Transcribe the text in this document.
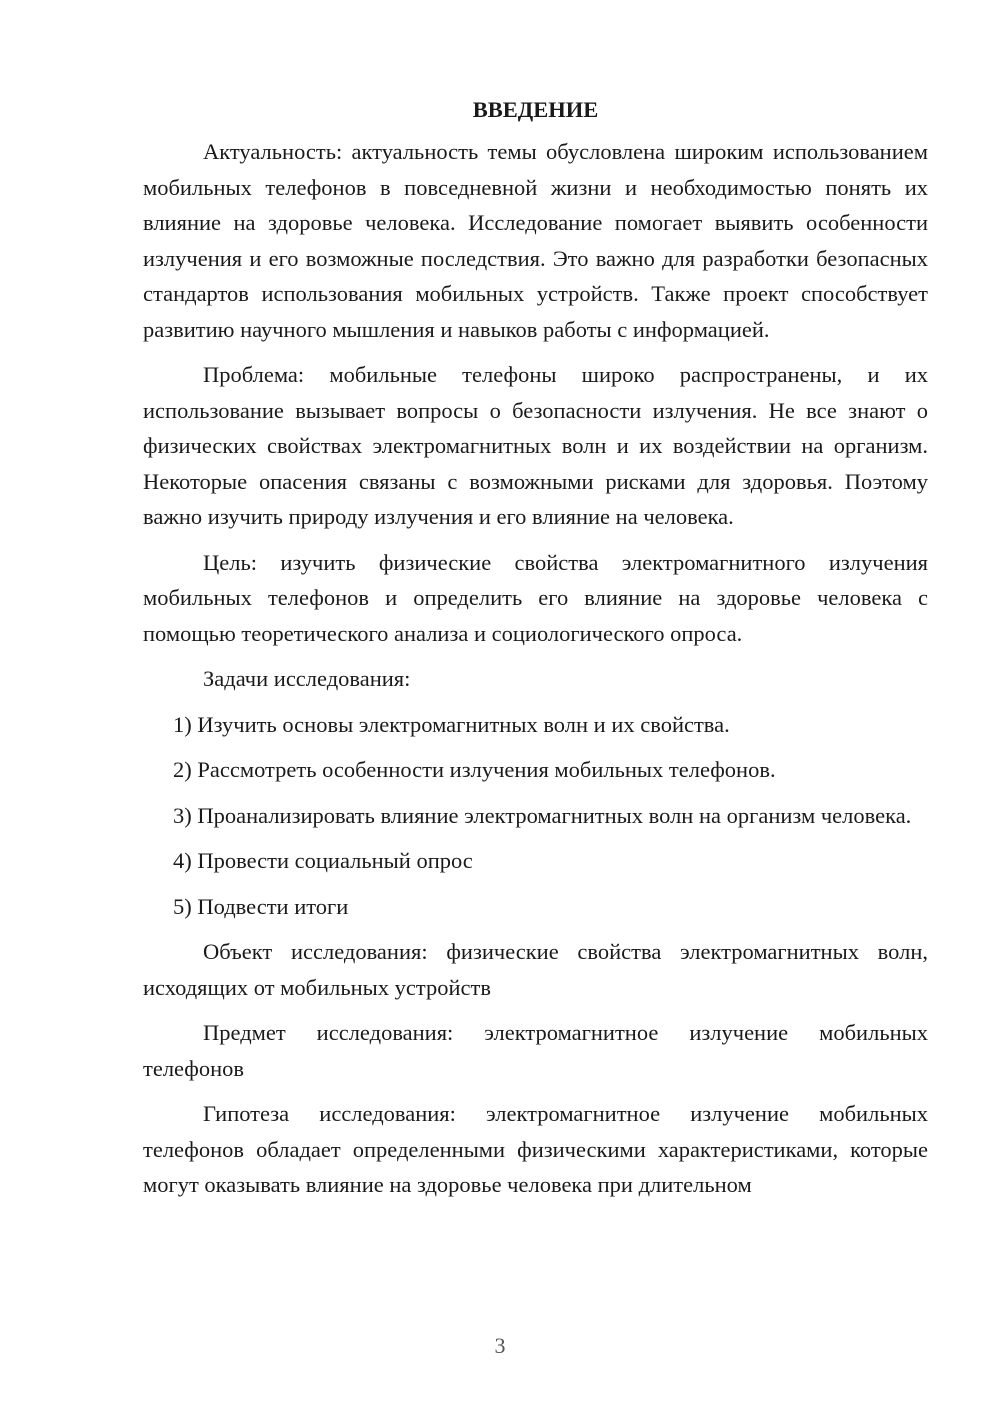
ВВЕДЕНИЕ

Актуальность: актуальность темы обусловлена широким использованием мобильных телефонов в повседневной жизни и необходимостью понять их влияние на здоровье человека. Исследование помогает выявить особенности излучения и его возможные последствия. Это важно для разработки безопасных стандартов использования мобильных устройств. Также проект способствует развитию научного мышления и навыков работы с информацией.

Проблема: мобильные телефоны широко распространены, и их использование вызывает вопросы о безопасности излучения. Не все знают о физических свойствах электромагнитных волн и их воздействии на организм. Некоторые опасения связаны с возможными рисками для здоровья. Поэтому важно изучить природу излучения и его влияние на человека.

Цель: изучить физические свойства электромагнитного излучения мобильных телефонов и определить его влияние на здоровье человека с помощью теоретического анализа и социологического опроса.

Задачи исследования:

1) Изучить основы электромагнитных волн и их свойства.

2) Рассмотреть особенности излучения мобильных телефонов.

3) Проанализировать влияние электромагнитных волн на организм человека.

4) Провести социальный опрос

5) Подвести итоги

Объект исследования: физические свойства электромагнитных волн, исходящих от мобильных устройств

Предмет исследования: электромагнитное излучение мобильных телефонов

Гипотеза исследования: электромагнитное излучение мобильных телефонов обладает определенными физическими характеристиками, которые могут оказывать влияние на здоровье человека при длительном

3
